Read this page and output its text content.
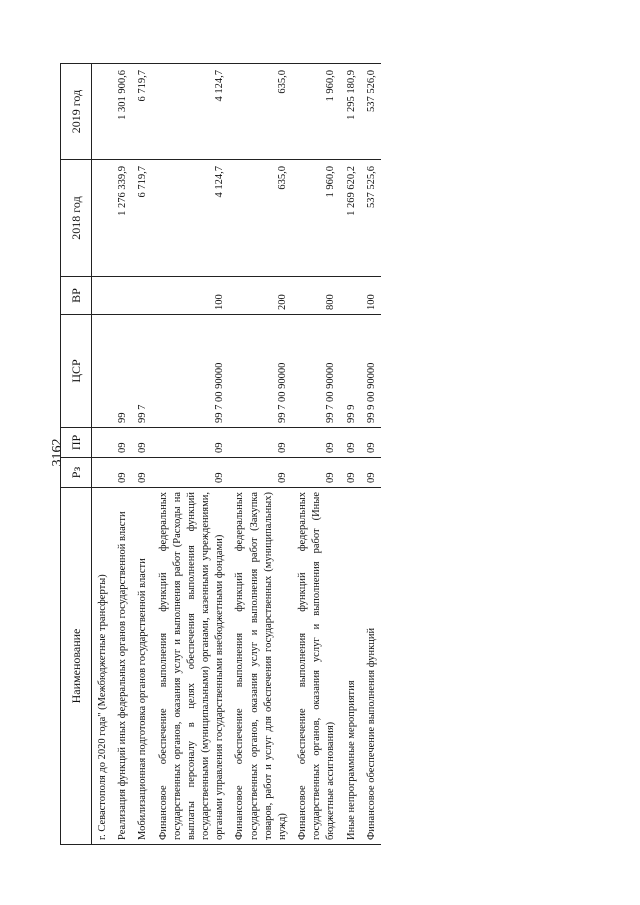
3162
Наименование	Рз	ПР	ЦСР	ВР	2018 год	2019 год
г. Севастополя до 2020 года" (Межбюджетные трансферты)						
Реализация функций иных федеральных органов государственной власти	09	09	99		1 276 339,9	1 301 900,6
Мобилизационная подготовка органов государственной власти	09	09	99 7		6 719,7	6 719,7
Финансовое обеспечение выполнения функций федеральных государственных органов, оказания услуг и выполнения работ (Расходы на выплаты персоналу в целях обеспечения выполнения функций государственными (муниципальными) органами, казенными учреждениями, органами управления государственными внебюджетными фондами)	09	09	99 7 00 90000	100	4 124,7	4 124,7
Финансовое обеспечение выполнения функций федеральных государственных органов, оказания услуг и выполнения работ (Закупка товаров, работ и услуг для обеспечения государственных (муниципальных) нужд)	09	09	99 7 00 90000	200	635,0	635,0
Финансовое обеспечение выполнения функций федеральных государственных органов, оказания услуг и выполнения работ (Иные бюджетные ассигнования)	09	09	99 7 00 90000	800	1 960,0	1 960,0
Иные непрограммные мероприятия	09	09	99 9		1 269 620,2	1 295 180,9
Финансовое обеспечение выполнения функций	09	09	99 9 00 90000	100	537 525,6	537 526,0
